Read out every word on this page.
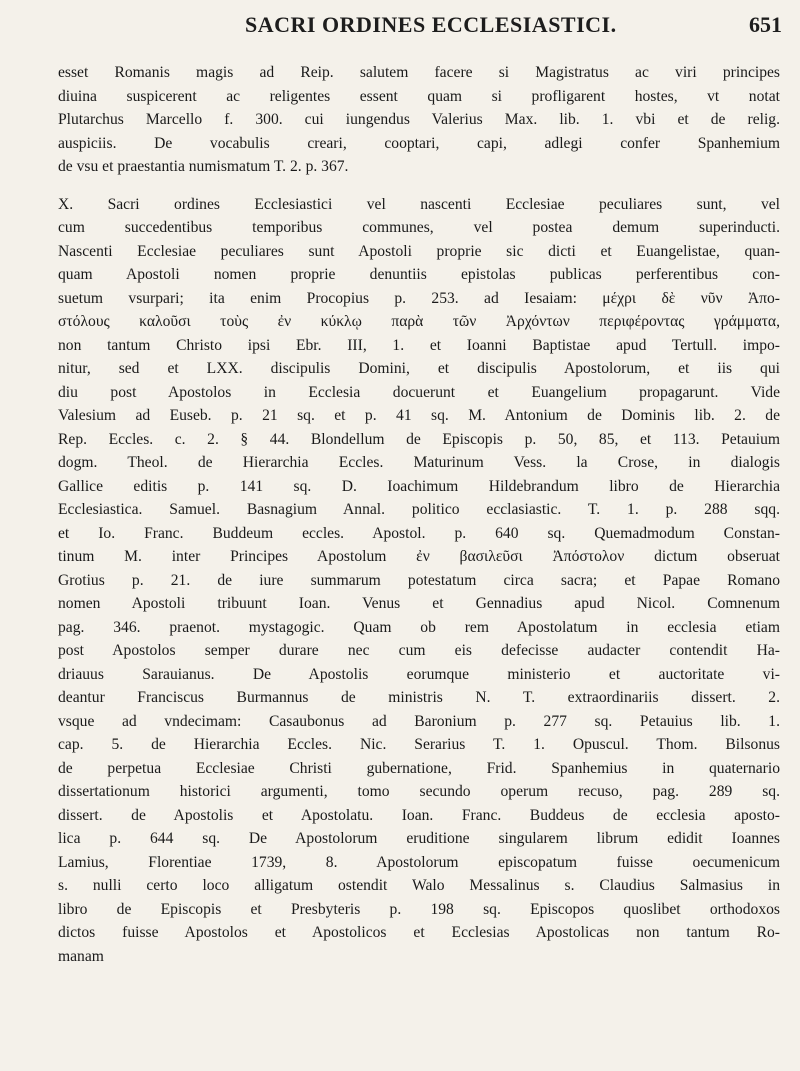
SACRI ORDINES ECCLESIASTICI.	651
esset Romanis magis ad Reip. salutem facere si Magistratus ac viri principes
diuina suspicerent ac religentes essent quam si profligarent hostes, vt notat
Plutarchus Marcello f. 300. cui iungendus Valerius Max. lib. 1. vbi et de relig.
auspiciis. De vocabulis creari, cooptari, capi, adlegi confer Spanhemium
de vsu et praestantia numismatum T. 2. p. 367.
X. Sacri ordines Ecclesiastici vel nascenti Ecclesiae peculiares sunt, vel
cum succedentibus temporibus communes, vel postea demum superinducti.
Nascenti Ecclesiae peculiares sunt Apostoli proprie sic dicti et Euangelistae, quan-
quam Apostoli nomen proprie denuntiis epistolas publicas perferentibus con-
suetum vsurpari; ita enim Procopius p. 253. ad Iesaiam: μέχρι δὲ νῦν Ἀπο-
στόλους καλοῦσι τοὺς ἐν κύκλῳ παρὰ τῶν Ἀρχόντων περιφέροντας γράμματα,
non tantum Christo ipsi Ebr. III, 1. et Ioanni Baptistae apud Tertull. impo-
nitur, sed et LXX. discipulis Domini, et discipulis Apostolorum, et iis qui
diu post Apostolos in Ecclesia docuerunt et Euangelium propagarunt. Vide
Valesium ad Euseb. p. 21 sq. et p. 41 sq. M. Antonium de Dominis lib. 2. de
Rep. Eccles. c. 2. § 44. Blondellum de Episcopis p. 50, 85, et 113. Petauium
dogm. Theol. de Hierarchia Eccles. Maturinum Vess. la Crose, in dialogis
Gallice editis p. 141 sq. D. Ioachimum Hildebrandum libro de Hierarchia
Ecclesiastica. Samuel. Basnagium Annal. politico ecclasiastic. T. 1. p. 288 sqq.
et Io. Franc. Buddeum eccles. Apostol. p. 640 sq. Quemadmodum Constan-
tinum M. inter Principes Apostolum ἐν βασιλεῦσι Ἀπόστολον dictum obseruat
Grotius p. 21. de iure summarum potestatum circa sacra; et Papae Romano
nomen Apostoli tribuunt Ioan. Venus et Gennadius apud Nicol. Comnenum
pag. 346. praenot. mystagogic. Quam ob rem Apostolatum in ecclesia etiam
post Apostolos semper durare nec cum eis defecisse audacter contendit Ha-
driauus Sarauianus. De Apostolis eorumque ministerio et auctoritate vi-
deantur Franciscus Burmannus de ministris N. T. extraordinariis dissert. 2.
vsque ad vndecimam: Casaubonus ad Baronium p. 277 sq. Petauius lib. 1.
cap. 5. de Hierarchia Eccles. Nic. Serarius T. 1. Opuscul. Thom. Bilsonus
de perpetua Ecclesiae Christi gubernatione, Frid. Spanhemius in quaternario
dissertationum historici argumenti, tomo secundo operum recuso, pag. 289 sq.
dissert. de Apostolis et Apostolatu. Ioan. Franc. Buddeus de ecclesia aposto-
lica p. 644 sq. De Apostolorum eruditione singularem librum edidit Ioannes
Lamius, Florentiae 1739, 8. Apostolorum episcopatum fuisse oecumenicum
s. nulli certo loco alligatum ostendit Walo Messalinus s. Claudius Salmasius in
libro de Episcopis et Presbyteris p. 198 sq. Episcopos quoslibet orthodoxos
dictos fuisse Apostolos et Apostolicos et Ecclesias Apostolicas non tantum Ro-
manam
